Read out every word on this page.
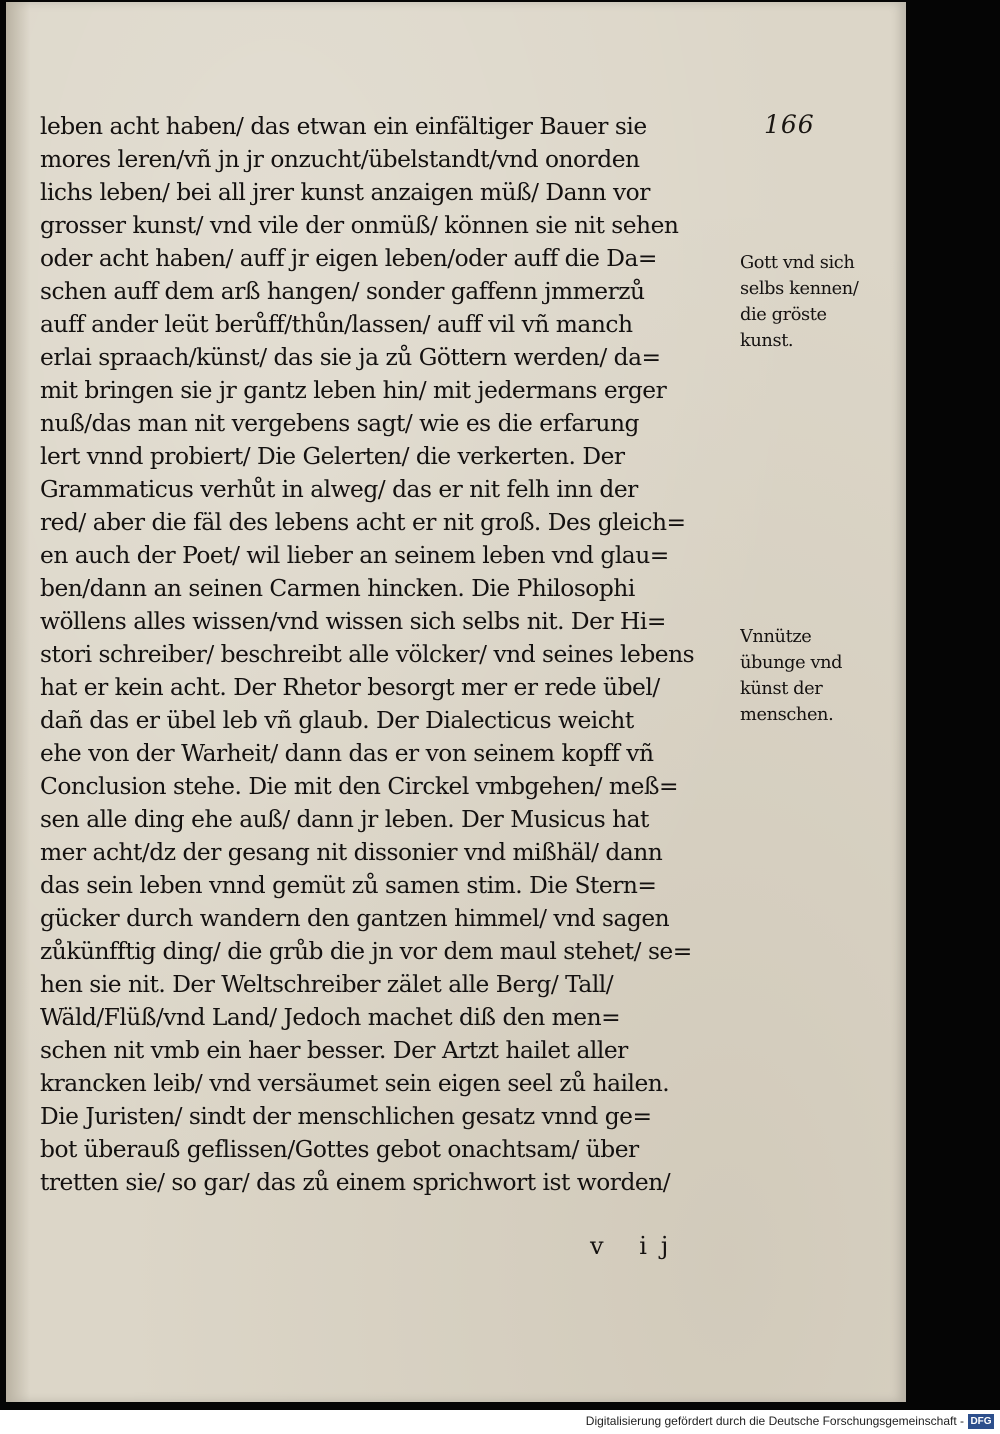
166
leben acht haben/ das etwan ein einfältiger Bauer sie
mores leren/vñ jn jr onzucht/übelstandt/vnd onorden
lichs leben/ bei all jrer kunst anzaigen müß/ Dann vor
grosser kunst/ vnd vile der onmüß/ können sie nit sehen
oder acht haben/ auff jr eigen leben/oder auff die Da=
schen auff dem arß hangen/ sonder gaffenn jmmerzů
auff ander leüt berůff/thůn/lassen/ auff vil vñ manch
erlai spraach/künst/ das sie ja zů Göttern werden/ da=
mit bringen sie jr gantz leben hin/ mit jedermans erger
nuß/das man nit vergebens sagt/ wie es die erfarung
lert vnnd probiert/ Die Gelerten/ die verkerten. Der
Grammaticus verhůt in alweg/ das er nit felh inn der
red/ aber die fäl des lebens acht er nit groß. Des gleich=
en auch der Poet/ wil lieber an seinem leben vnd glau=
ben/dann an seinen Carmen hincken. Die Philosophi
wöllens alles wissen/vnd wissen sich selbs nit. Der Hi=
stori schreiber/ beschreibt alle völcker/ vnd seines lebens
hat er kein acht. Der Rhetor besorgt mer er rede übel/
dañ das er übel leb vñ glaub. Der Dialecticus weicht
ehe von der Warheit/ dann das er von seinem kopff vñ
Conclusion stehe. Die mit den Circkel vmbgehen/ meß=
sen alle ding ehe auß/ dann jr leben. Der Musicus hat
mer acht/dz der gesang nit dissonier vnd mißhäl/ dann
das sein leben vnnd gemüt zů samen stim. Die Stern=
gücker durch wandern den gantzen himmel/ vnd sagen
zůkünfftig ding/ die grůb die jn vor dem maul stehet/ se=
hen sie nit. Der Weltschreiber zälet alle Berg/ Tall/
Wäld/Flüß/vnd Land/ Jedoch machet diß den men=
schen nit vmb ein haer besser. Der Artzt hailet aller
krancken leib/ vnd versäumet sein eigen seel zů hailen.
Die Juristen/ sindt der menschlichen gesatz vnnd ge=
bot überauß geflissen/Gottes gebot onachtsam/ über
tretten sie/ so gar/ das zů einem sprichwort ist worden/
Gott vnd sich
selbs kennen/
die gröste
kunst.
Vnnütze
übunge vnd
künst der
menschen.
v ij
Digitalisierung gefördert durch die Deutsche Forschungsgemeinschaft - DFG
